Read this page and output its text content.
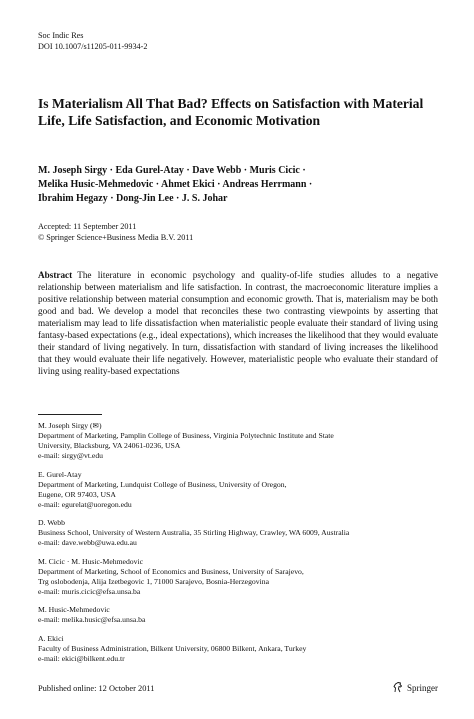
Soc Indic Res
DOI 10.1007/s11205-011-9934-2
Is Materialism All That Bad? Effects on Satisfaction with Material Life, Life Satisfaction, and Economic Motivation
M. Joseph Sirgy · Eda Gurel-Atay · Dave Webb · Muris Cicic ·
Melika Husic-Mehmedovic · Ahmet Ekici · Andreas Herrmann ·
Ibrahim Hegazy · Dong-Jin Lee · J. S. Johar
Accepted: 11 September 2011
© Springer Science+Business Media B.V. 2011
Abstract The literature in economic psychology and quality-of-life studies alludes to a negative relationship between materialism and life satisfaction. In contrast, the macroeconomic literature implies a positive relationship between material consumption and economic growth. That is, materialism may be both good and bad. We develop a model that reconciles these two contrasting viewpoints by asserting that materialism may lead to life dissatisfaction when materialistic people evaluate their standard of living using fantasy-based expectations (e.g., ideal expectations), which increases the likelihood that they would evaluate their standard of living negatively. In turn, dissatisfaction with standard of living increases the likelihood that they would evaluate their life negatively. However, materialistic people who evaluate their standard of living using reality-based expectations
M. Joseph Sirgy (✉)
Department of Marketing, Pamplin College of Business, Virginia Polytechnic Institute and State
University, Blacksburg, VA 24061-0236, USA
e-mail: sirgy@vt.edu
E. Gurel-Atay
Department of Marketing, Lundquist College of Business, University of Oregon,
Eugene, OR 97403, USA
e-mail: egurelat@uoregon.edu
D. Webb
Business School, University of Western Australia, 35 Stirling Highway, Crawley, WA 6009, Australia
e-mail: dave.webb@uwa.edu.au
M. Cicic · M. Husic-Mehmedovic
Department of Marketing, School of Economics and Business, University of Sarajevo,
Trg oslobodenja, Alija Izetbegovic 1, 71000 Sarajevo, Bosnia-Herzegovina
e-mail: muris.cicic@efsa.unsa.ba
M. Husic-Mehmedovic
e-mail: melika.husic@efsa.unsa.ba
A. Ekici
Faculty of Business Administration, Bilkent University, 06800 Bilkent, Ankara, Turkey
e-mail: ekici@bilkent.edu.tr
Published online: 12 October 2011	Springer
